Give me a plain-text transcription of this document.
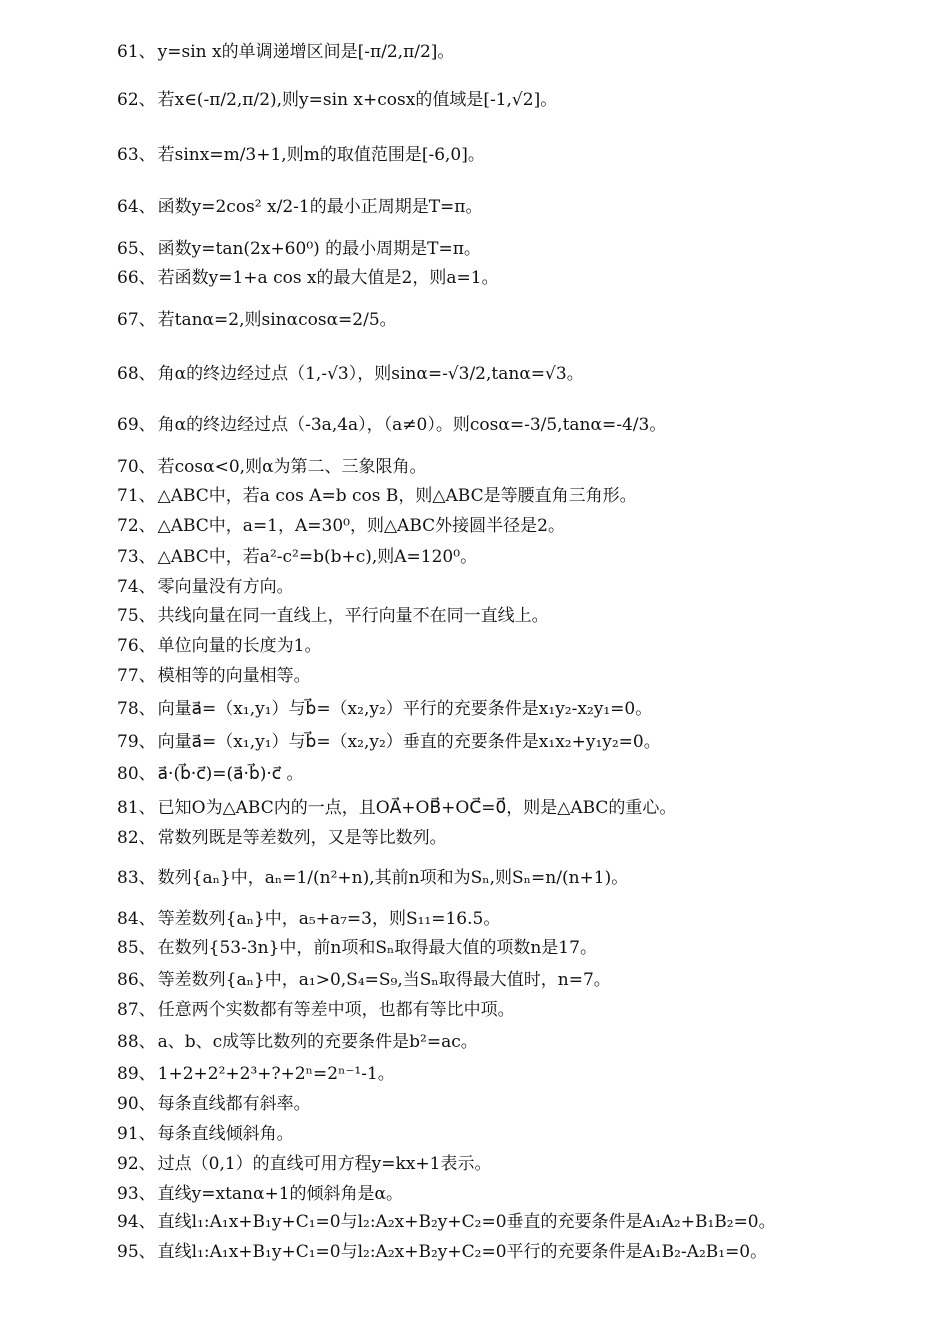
61、 y=sin x的单调递增区间是[-π/2,π/2]。
62、 若x∈(-π/2,π/2),则y=sin x+cosx的值域是[-1,√2]。
63、 若sinx=m/3+1,则m的取值范围是[-6,0]。
64、 函数y=2cos² x/2-1的最小正周期是T=π。
65、 函数y=tan(2x+60⁰) 的最小周期是T=π。
66、 若函数y=1+a cos x的最大值是2，则a=1。
67、 若tanα=2,则sinαcosα=2/5。
68、 角α的终边经过点（1,-√3），则sinα=-√3/2,tanα=√3。
69、 角α的终边经过点（-3a,4a），（a≠0）。则cosα=-3/5,tanα=-4/3。
70、 若cosα<0,则α为第二、三象限角。
71、 △ABC中，若a cos A=b cos B，则△ABC是等腰直角三角形。
72、 △ABC中，a=1，A=30⁰，则△ABC外接圆半径是2。
73、 △ABC中，若a²-c²=b(b+c),则A=120⁰。
74、 零向量没有方向。
75、 共线向量在同一直线上，平行向量不在同一直线上。
76、 单位向量的长度为1。
77、 模相等的向量相等。
78、 向量a⃗=（x₁,y₁）与b⃗=（x₂,y₂）平行的充要条件是x₁y₂-x₂y₁=0。
79、 向量a⃗=（x₁,y₁）与b⃗=（x₂,y₂）垂直的充要条件是x₁x₂+y₁y₂=0。
80、 a⃗·(b⃗·c⃗)=(a⃗·b⃗)·c⃗ 。
81、 已知O为△ABC内的一点，且OA⃗+OB⃗+OC⃗=0⃗，则是△ABC的重心。
82、 常数列既是等差数列，又是等比数列。
83、 数列{aₙ}中，aₙ=1/(n²+n),其前n项和为Sₙ,则Sₙ=n/(n+1)。
84、 等差数列{aₙ}中，a₅+a₇=3，则S₁₁=16.5。
85、 在数列{53-3n}中，前n项和Sₙ取得最大值的项数n是17。
86、 等差数列{aₙ}中，a₁>0,S₄=S₉,当Sₙ取得最大值时，n=7。
87、 任意两个实数都有等差中项，也都有等比中项。
88、 a、b、c成等比数列的充要条件是b²=ac。
89、 1+2+2²+2³+?+2ⁿ=2ⁿ⁻¹-1。
90、 每条直线都有斜率。
91、 每条直线倾斜角。
92、 过点（0,1）的直线可用方程y=kx+1表示。
93、 直线y=xtanα+1的倾斜角是α。
94、 直线l₁:A₁x+B₁y+C₁=0与l₂:A₂x+B₂y+C₂=0垂直的充要条件是A₁A₂+B₁B₂=0。
95、 直线l₁:A₁x+B₁y+C₁=0与l₂:A₂x+B₂y+C₂=0平行的充要条件是A₁B₂-A₂B₁=0。
